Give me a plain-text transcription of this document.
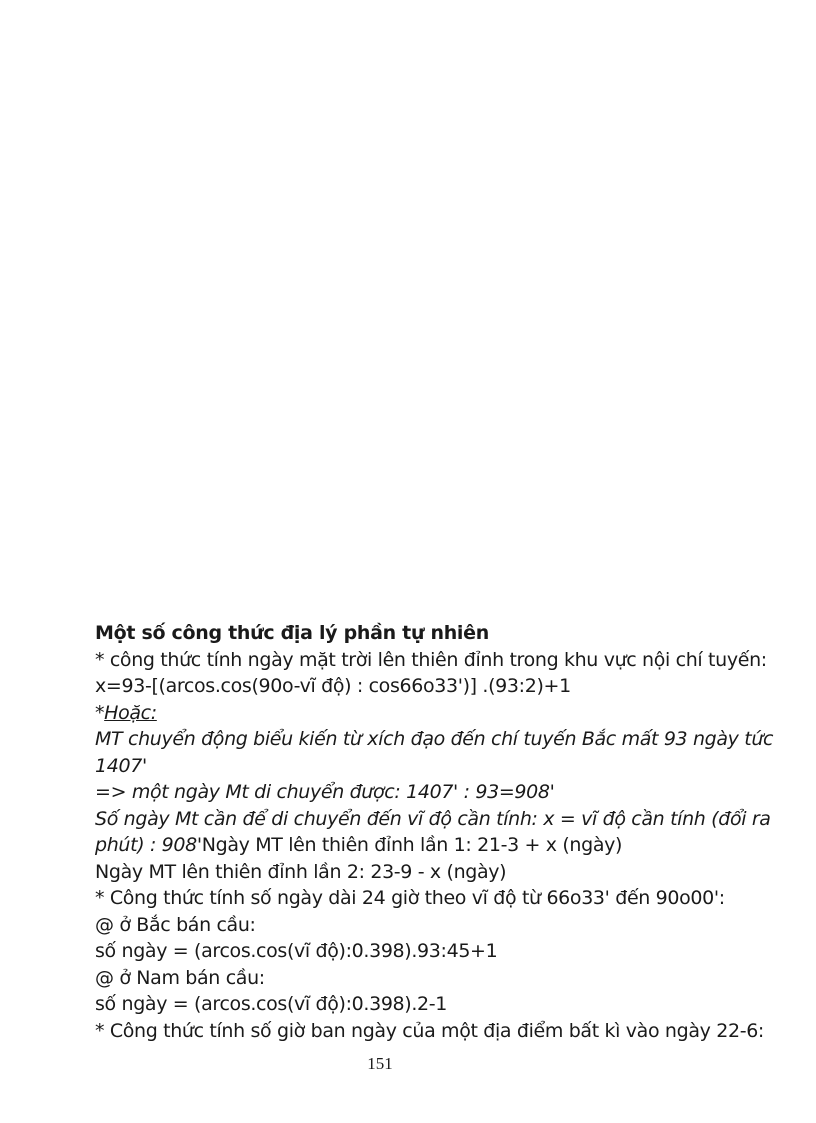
Một số công thức địa lý phần tự nhiên
* công thức tính ngày mặt trời lên thiên đỉnh trong khu vực nội chí tuyến:
x=93-[(arcos.cos(90o-vĩ độ) : cos66o33')] .(93:2)+1
*Hoặc:
MT chuyển động biểu kiến từ xích đạo đến chí tuyến Bắc mất 93 ngày tức
1407'
=> một ngày Mt di chuyển được: 1407' : 93=908'
Số ngày Mt cần để di chuyển đến vĩ độ cần tính: x = vĩ độ cần tính (đổi ra
phút) : 908'Ngày MT lên thiên đỉnh lần 1: 21-3 + x (ngày)
Ngày MT lên thiên đỉnh lần 2: 23-9 - x (ngày)
* Công thức tính số ngày dài 24 giờ theo vĩ độ từ 66o33' đến 90o00':
@ ở Bắc bán cầu:
số ngày = (arcos.cos(vĩ độ):0.398).93:45+1
@ ở Nam bán cầu:
số ngày = (arcos.cos(vĩ độ):0.398).2-1
* Công thức tính số giờ ban ngày của một địa điểm bất kì vào ngày 22-6:
151
